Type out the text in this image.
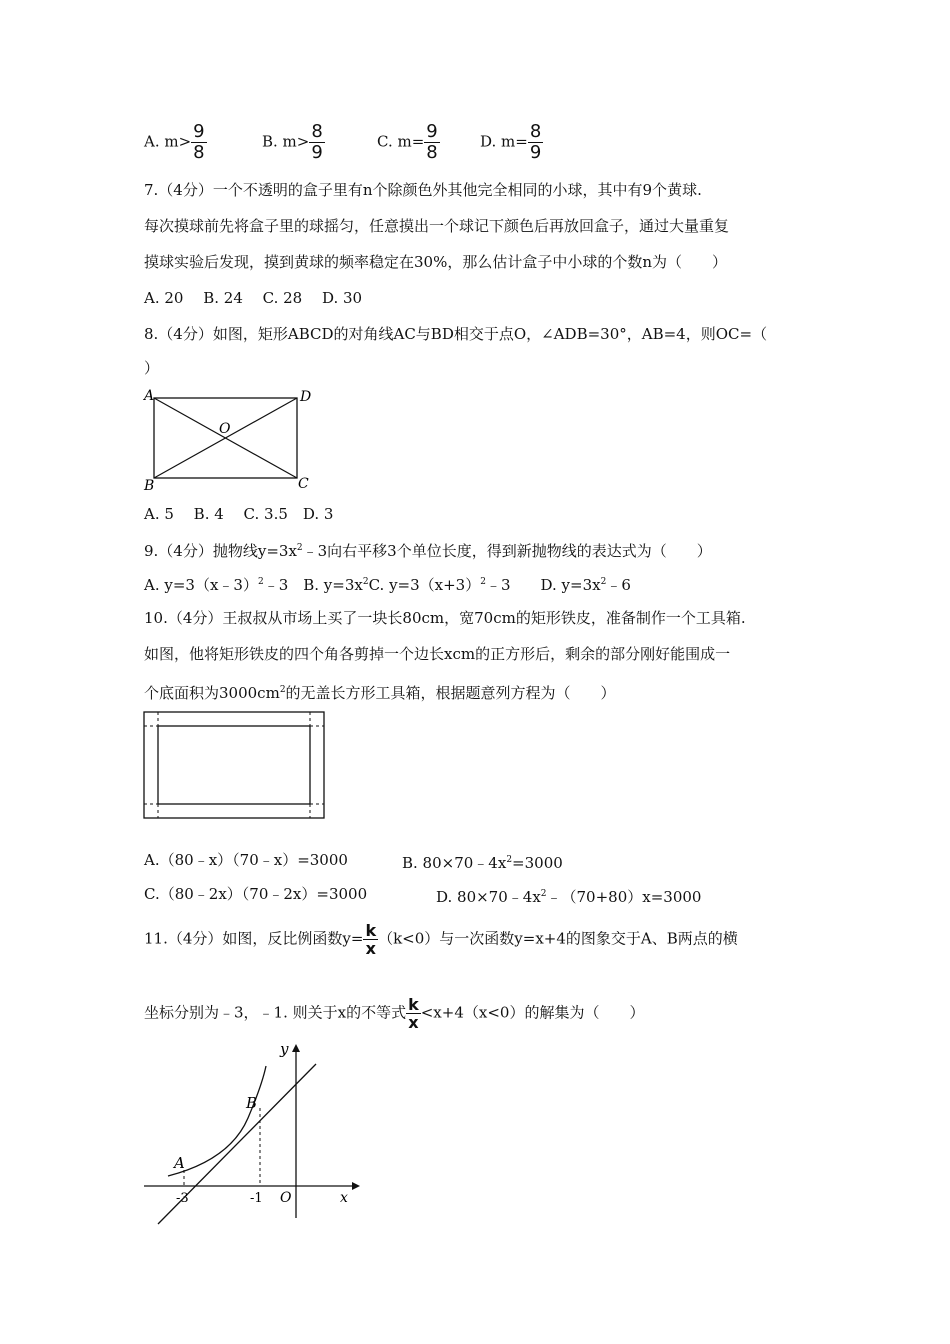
A. $m> \frac{9}{8}$	B. $m> \frac{8}{9}$	C. $m= \frac{9}{8}$	D. $m= \frac{8}{9}$
7.（4分）一个不透明的盒子里有n个除颜色外其他完全相同的小球，其中有9个黄球.
每次摸球前先将盒子里的球摇匀，任意摸出一个球记下颜色后再放回盒子，通过大量重复
摸球实验后发现，摸到黄球的频率稳定在30%，那么估计盒子中小球的个数n为（　　）
A. 20　 B. 24　 C. 28　 D. 30
8.（4分）如图，矩形ABCD的对角线AC与BD相交于点O，∠ADB=30°，AB=4，则OC=（
）
A	D
B	C
O
A. 5　 B. 4　 C. 3.5　D. 3
9.（4分）抛物线$y=3x^2﹣3$向右平移3个单位长度，得到新抛物线的表达式为（　　）
A. y=3（x﹣3）$^2$﹣3　B. $y=3x^2C$. $y=3(x+3)^2﹣3$　　D. $y=3x^2﹣6$
10.（4分）王叔叔从市场上买了一块长80cm，宽70cm的矩形铁皮，准备制作一个工具箱.
如图，他将矩形铁皮的四个角各剪掉一个边长xcm的正方形后，剩余的部分刚好能围成一
个底面积为$3000cm^2$的无盖长方形工具箱，根据题意列方程为（　　）
A.（80﹣x）（70﹣x）=3000	B. $80\times 70﹣4x^2=3000$
C.（80﹣2x）（70﹣2x）=3000	D. $80\times 70﹣4x^2﹣(70+80)x=3000$
11.（4分）如图，反比例函数$y= \frac{k}{x} (k<0)$与一次函数y=x+4的图象交于A、B两点的横
坐标分别为﹣3，﹣1. 则关于x的不等式 $\frac{k}{x} <x+4(x<0)$的解集为（　　）
y
x
O
A
B
-3	-1
